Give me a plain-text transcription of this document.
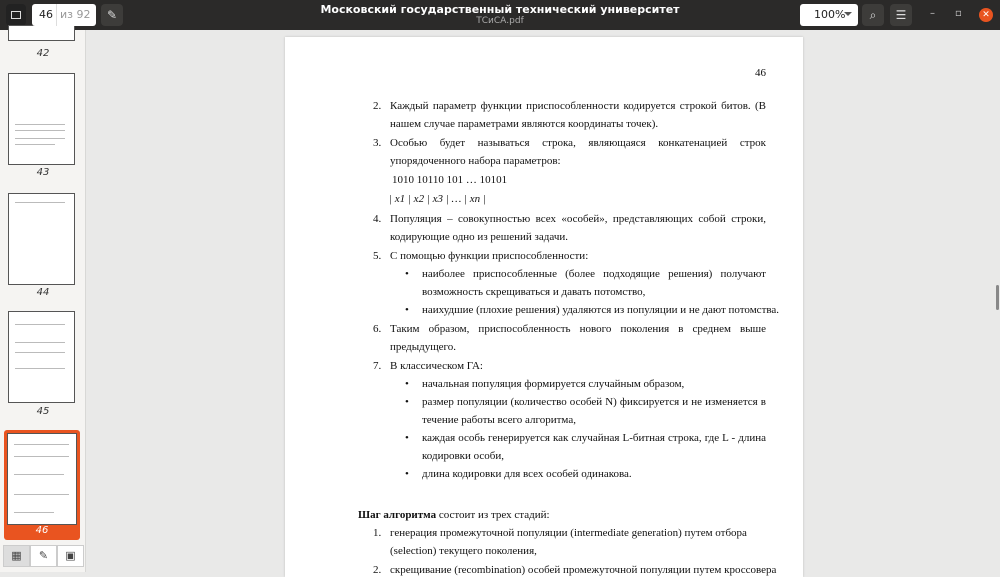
46 из 92 ✎	Московский государственный технический университет
ТСиСА.pdf	100%	⌕ ☰ – ▫	✕
42
43
44
45
46
▦	✎	▣
46
2. Каждый параметр функции приспособленности кодируется строкой битов. (В
нашем случае параметрами являются координаты точек).
3. Особью будет называться строка, являющаяся конкатенацией строк
упорядоченного набора параметров:
1010 10110 101 … 10101
| x1 | x2 | x3 | … | xn |
4. Популяция – совокупностью всех «особей», представляющих собой строки,
кодирующие одно из решений задачи.
5. С помощью функции приспособленности:
• наиболее приспособленные (более подходящие решения) получают
возможность скрещиваться и давать потомство,
• наихудшие (плохие решения) удаляются из популяции и не дают потомства.
6. Таким образом, приспособленность нового поколения в среднем выше
предыдущего.
7. В классическом ГА:
• начальная популяция формируется случайным образом,
• размер популяции (количество особей N) фиксируется и не изменяется в
течение работы всего алгоритма,
• каждая особь генерируется как случайная L-битная строка, где L - длина
кодировки особи,
• длина кодировки для всех особей одинакова.
Шаг алгоритма состоит из трех стадий:
1. генерация промежуточной популяции (intermediate generation) путем отбора
(selection) текущего поколения,
2. скрещивание (recombination) особей промежуточной популяции путем кроссовера
